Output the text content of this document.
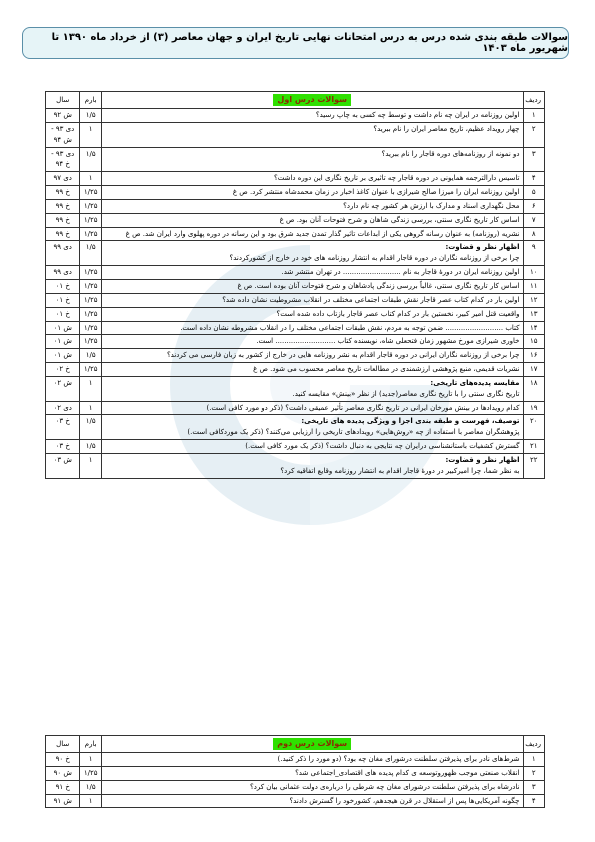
سوالات طبقه بندی شده درس به درس امتحانات نهایی تاریخ ایران و جهان معاصر (۳) از خرداد ماه ۱۳۹۰ تا شهریور ماه ۱۴۰۳
ردیف	سوالات درس اول	بارم	سال

۱	اولین روزنامه در ایران چه نام داشت و توسط چه کسی به چاپ رسید؟	۱/۵	ش ۹۲

۲	چهار رویداد عظیم، تاریخ معاصر ایران را نام ببرید؟	۱	دی ۹۳ - ش ۹۴

۳	دو نمونه از روزنامه‌های دوره قاجار را نام ببرید؟	۱/۵	دی ۹۳ - خ ۹۴

۴	تاسیس دارالترجمه همایونی در دوره قاجار چه تاثیری بر تاریخ نگاری این دوره داشت؟	۱	دی ۹۷

۵	اولین روزنامه ایران را میرزا صالح شیرازی با عنوان کاغذ اخبار در زمان محمدشاه منتشر کرد. ص غ	۱/۲۵	خ ۹۹

۶	محل نگهداری اسناد و مدارک با ارزش هر کشور چه نام دارد؟	۱/۲۵	خ ۹۹

۷	اساس کار تاریخ نگاری سنتی، بررسی زندگی شاهان و شرح فتوحات آنان بود. ص غ	۱/۲۵	خ ۹۹

۸	نشریه (روزنامه) به عنوان رسانه گروهی یکی از ابداعات تاثیر گذار تمدن جدید شرق بود و این رسانه در دوره پهلوی وارد ایران شد. ص غ	۱/۲۵	خ ۹۹

۹	اظهار نظر و قضاوت:
چرا برخی از روزنامه نگاران در دوره قاجار اقدام به انتشار روزنامه های خود در خارج از کشورکردند؟	۱/۵	دی ۹۹

۱۰	اولین روزنامه ایران در دورهٔ قاجار به نام .......................... در تهران منتشر شد.	۱/۲۵	دی ۹۹

۱۱	اساس کار تاریخ نگاری سنتی، غالباً بررسی زندگی پادشاهان و شرح فتوحات آنان بوده است. ص غ	۱/۲۵	خ ۰۱

۱۲	اولین بار در کدام کتاب عصر قاجار نقش طبقات اجتماعی مختلف در انقلاب مشروطیت نشان داده شد؟	۱/۲۵	خ ۰۱

۱۳	واقعیت قتل امیر کبیر، نخستین بار در کدام کتاب عصر قاجار بازتاب داده شده است؟	۱/۲۵	خ ۰۱

۱۴	کتاب .......................... ضمن توجه به مردم، نقش طبقات اجتماعی مختلف را در انقلاب مشروطه نشان داده است.	۱/۲۵	ش ۰۱

۱۵	خاوری شیرازی مورخ مشهور زمان فتحعلی شاه، نویسنده کتاب ........................... است.	۱/۲۵	ش ۰۱

۱۶	چرا برخی از روزنامه نگاران ایرانی در دوره قاجار اقدام به نشر روزنامه هایی در خارج از کشور به زبان فارسی می کردند؟	۱/۵	ش ۰۱

۱۷	نشریات قدیمی، منبع پژوهشی ارزشمندی در مطالعات تاریخ معاصر محسوب می شود. ص غ	۱/۲۵	خ ۰۲

۱۸	مقایسه پدیده‌های تاریخی:
تاریخ نگاری سنتی را با تاریخ نگاری معاصر(جدید) از نظر «بینش» مقایسه کنید.	۱	ش ۰۲

۱۹	کدام رویدادها در بینش مورخان ایرانی در تاریخ نگاری معاصر تأثیر عمیقی داشت؟ (ذکر دو مورد کافی است.)	۱	دی ۰۲

۲۰	توصیف، فهرست و طبقه بندی اجزا و ویژگی پدیده های تاریخی:
پژوهشگران معاصر با استفاده از چه «روش‌هایی» رویدادهای تاریخی را ارزیابی می‌کنند؟ (ذکر یک موردکافی است.)	۱/۵	خ ۰۳

۲۱	گسترش کشفیات باستانشناسی درایران چه نتایجی به دنبال داشت؟ (ذکر یک مورد کافی است.)	۱/۵	خ ۰۳

۲۲	اظهار نظر و قضاوت:
به نظر شما، چرا امیرکبیر در دورهٔ قاجار اقدام به انتشار روزنامه وقایع اتفاقیه کرد؟	۱	ش ۰۳
ردیف	سوالات درس دوم	بارم	سال

۱	شرط‌های نادر برای پذیرفتن سلطنت درشورای مغان چه بود؟ (دو مورد را ذکر کنید.)	۱	خ ۹۰

۲	انقلاب صنعتی موجب ظهوروتوسعه ی کدام پدیده های اقتصادی_اجتماعی شد؟	۱/۲۵	ش ۹۰

۳	نادرشاه برای پذیرفتن سلطنت درشورای مغان چه شرطی را درباره‌ی دولت عثمانی بیان کرد؟	۱/۵	خ ۹۱

۴	چگونه آمریکایی‌ها پس از استقلال در قرن هیجدهم، کشورخود را گسترش دادند؟	۱	ش ۹۱
